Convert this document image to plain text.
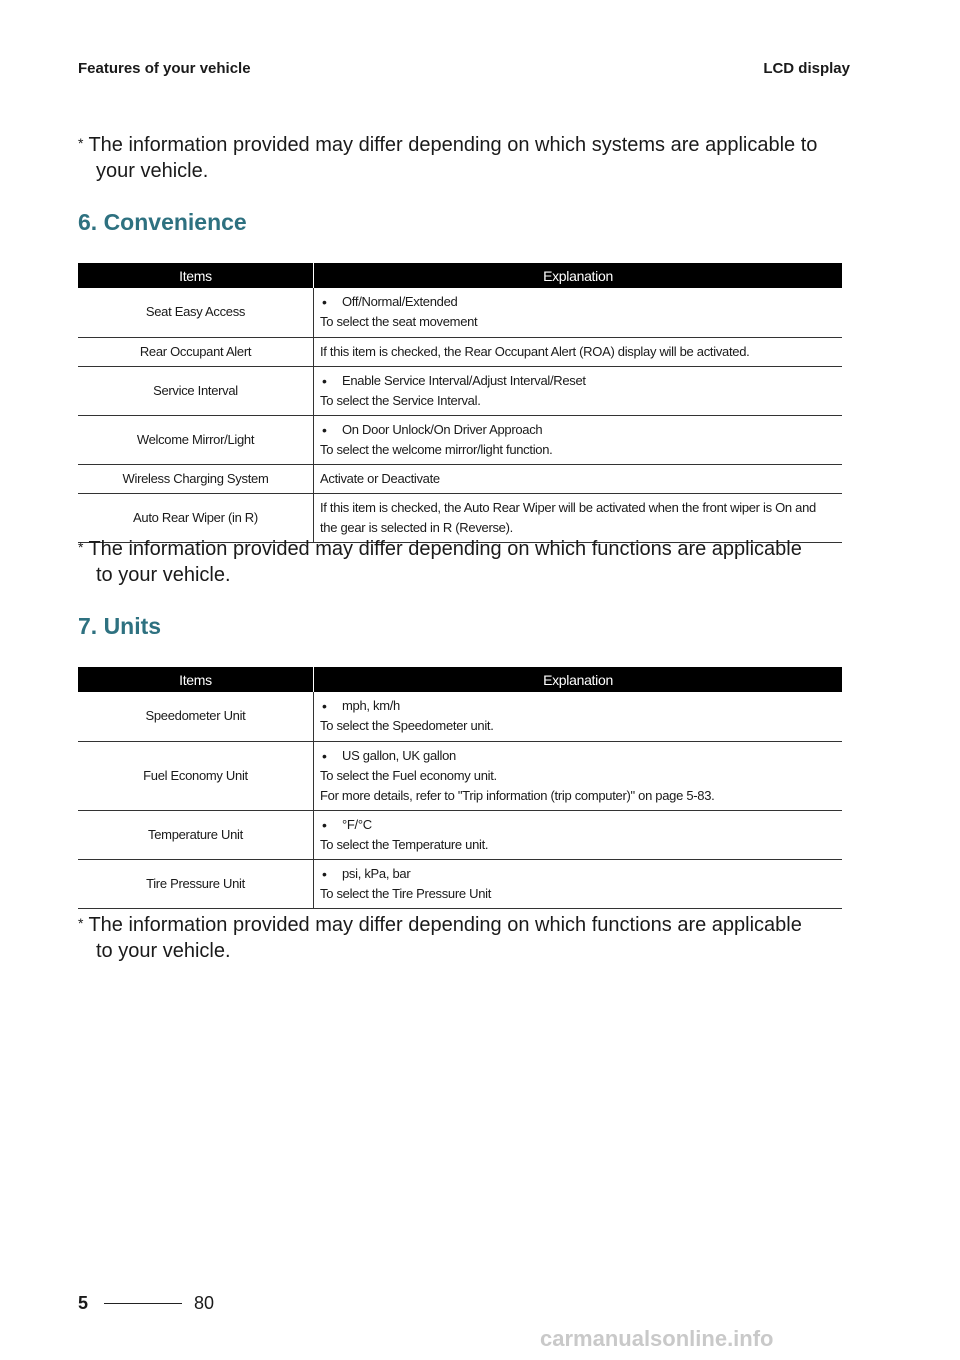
Features of your vehicle	LCD display
* The information provided may differ depending on which systems are applicable to
your vehicle.
6. Convenience
Items	Explanation
Seat Easy Access	• Off/Normal/Extended
To select the seat movement

Rear Occupant Alert	If this item is checked, the Rear Occupant Alert (ROA) display will be activated.

Service Interval	• Enable Service Interval/Adjust Interval/Reset
To select the Service Interval.

Welcome Mirror/Light	• On Door Unlock/On Driver Approach
To select the welcome mirror/light function.

Wireless Charging System	Activate or Deactivate

Auto Rear Wiper (in R)	If this item is checked, the Auto Rear Wiper will be activated when the front wiper is On and the gear is selected in R (Reverse).
* The information provided may differ depending on which functions are applicable
to your vehicle.
7. Units
Items	Explanation
Speedometer Unit	• mph, km/h
To select the Speedometer unit.

Fuel Economy Unit	• US gallon, UK gallon
To select the Fuel economy unit.
For more details, refer to "Trip information (trip computer)" on page 5-83.

Temperature Unit	• °F/°C
To select the Temperature unit.

Tire Pressure Unit	• psi, kPa, bar
To select the Tire Pressure Unit
* The information provided may differ depending on which functions are applicable
to your vehicle.
5	80
carmanualsonline.info
